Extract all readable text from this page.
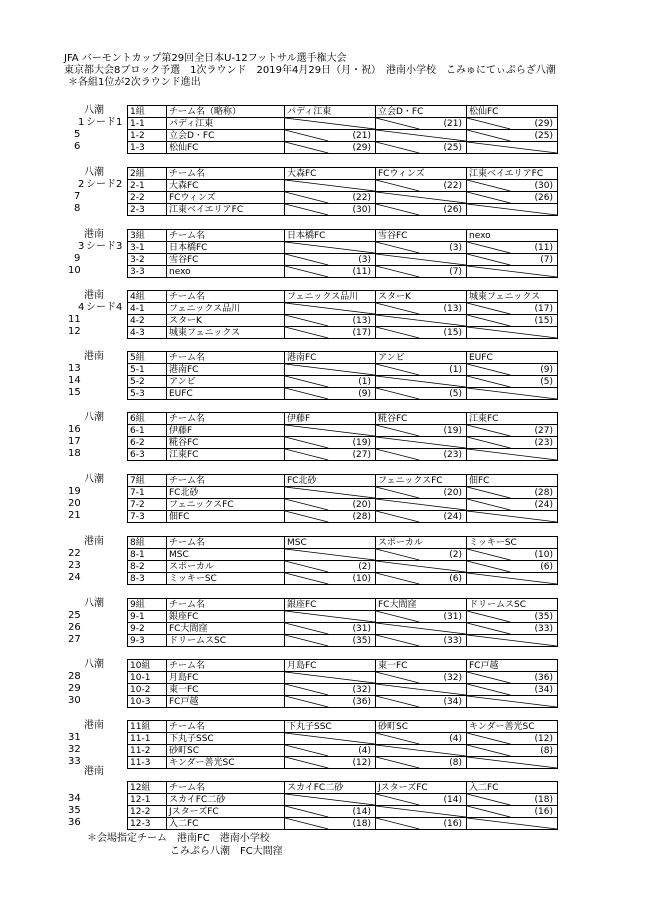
JFA バーモントカップ第29回全日本U-12フットサル選手権大会
東京都大会8ブロック予選　1次ラウンド　2019年4月29日（月・祝）　港南小学校　こみゅにてぃぷらざ八潮
＊各組1位が2次ラウンド進出
八潮
1 シード1
5
6
1組	チーム名（略称）	パディ江東	立会D・FC	松仙FC
1-1	パディ江東		(21)	(29)

1-2	立会D・FC	(21)		(25)

1-3	松仙FC	(29)	(25)

八潮
2 シード2
7
8
2組	チーム名	大森FC	FCウィンズ	江東ベイエリアFC
2-1	大森FC		(22)	(30)

2-2	FCウィンズ	(22)		(26)

2-3	江東ベイエリアFC	(30)	(26)

港南
3 シード3
9
10
3組	チーム名	日本橋FC	雪谷FC	nexo
3-1	日本橋FC		(3)	(11)

3-2	雪谷FC	(3)		(7)

3-3	nexo	(11)	(7)

港南
4 シード4
11
12
4組	チーム名	フェニックス品川	スターK	城東フェニックス
4-1	フェニックス品川		(13)	(17)

4-2	スターK	(13)		(15)

4-3	城東フェニックス	(17)	(15)

港南
13
14
15
5組	チーム名	港南FC	アンビ	EUFC
5-1	港南FC		(1)	(9)

5-2	アンビ	(1)		(5)

5-3	EUFC	(9)	(5)

八潮
16
17
18
6組	チーム名	伊藤F	糀谷FC	江東FC
6-1	伊藤F		(19)	(27)

6-2	糀谷FC	(19)		(23)

6-3	江東FC	(27)	(23)

八潮
19
20
21
7組	チーム名	FC北砂	フェニックスFC	佃FC
7-1	FC北砂		(20)	(28)

7-2	フェニックスFC	(20)		(24)

7-3	佃FC	(28)	(24)

港南
22
23
24
8組	チーム名	MSC	スポーカル	ミッキーSC
8-1	MSC		(2)	(10)

8-2	スポーカル	(2)		(6)

8-3	ミッキーSC	(10)	(6)

八潮
25
26
27
9組	チーム名	銀座FC	FC大間窪	ドリームスSC
9-1	銀座FC		(31)	(35)

9-2	FC大間窪	(31)		(33)

9-3	ドリームスSC	(35)	(33)

八潮
28
29
30
10組	チーム名	月島FC	東一FC	FC戸越
10-1	月島FC		(32)	(36)

10-2	東一FC	(32)		(34)

10-3	FC戸越	(36)	(34)

港南
31
32
33
11組	チーム名	下丸子SSC	砂町SC	キンダー善光SC
11-1	下丸子SSC		(4)	(12)

11-2	砂町SC	(4)		(8)

11-3	キンダー善光SC	(12)	(8)

港南
34
35
36
12組	チーム名	スカイFC二砂	JスターズFC	入二FC
12-1	スカイFC二砂		(14)	(18)

12-2	JスターズFC	(14)		(16)

12-3	入二FC	(18)	(16)

＊会場指定チーム　港南FC　港南小学校
こみぷら八潮　FC大間窪
